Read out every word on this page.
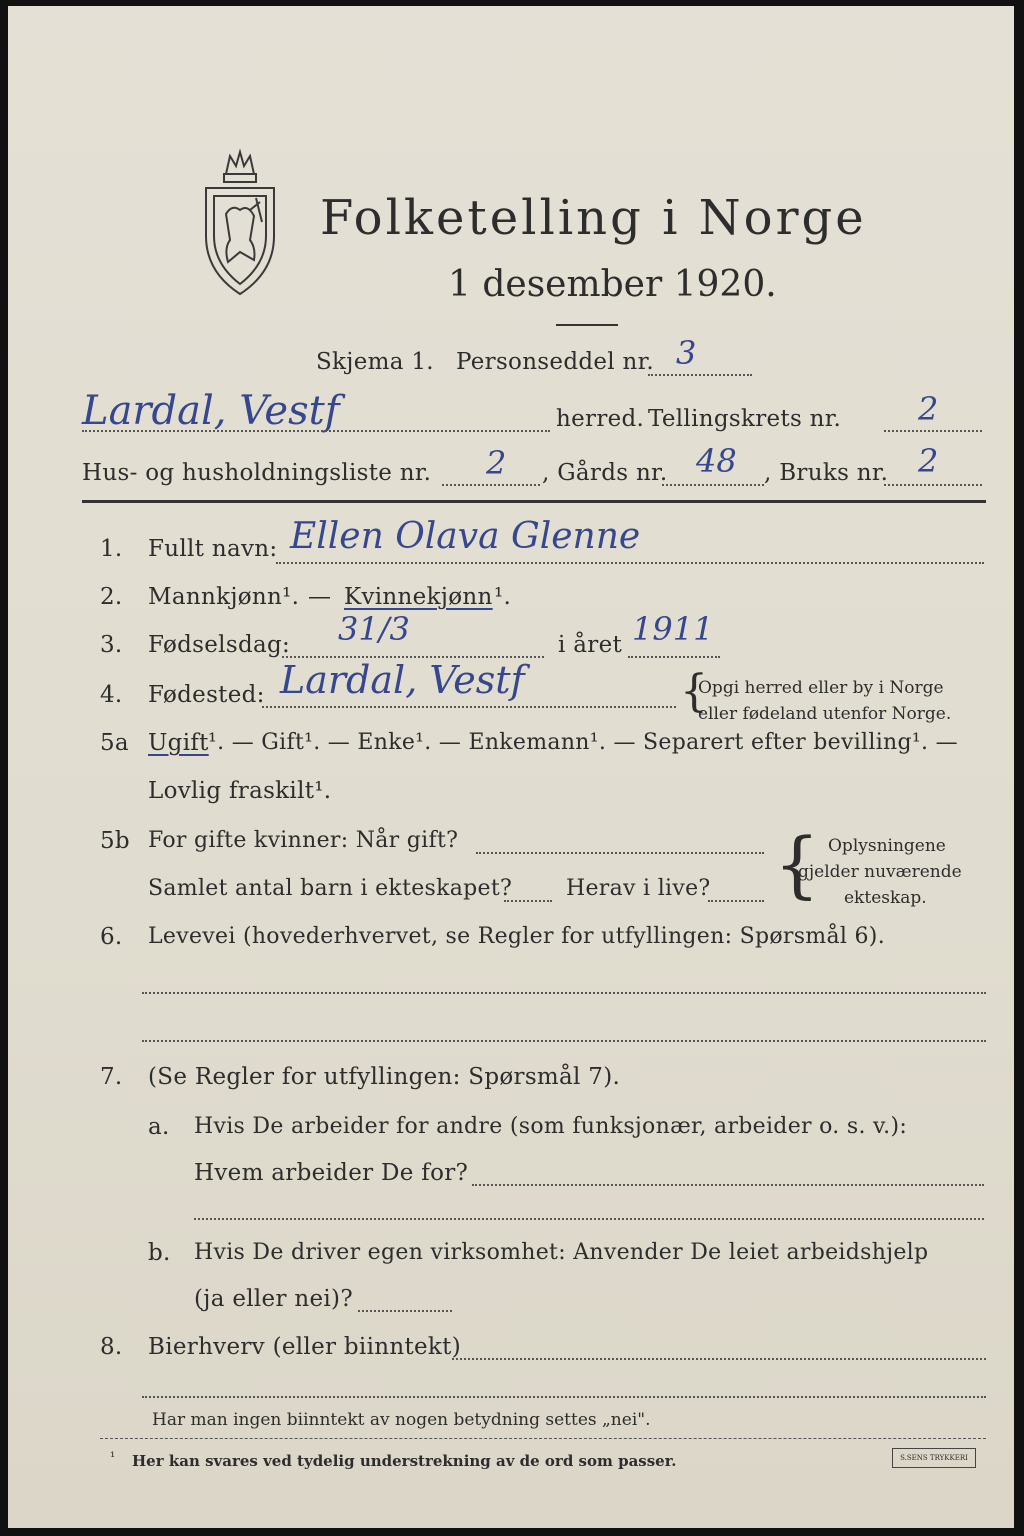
Folketelling i Norge
1 desember 1920.
Skjema 1. Personseddel nr. 3
Lardal, Vestf	herred. Tellingskrets nr. 2
Hus- og husholdningsliste nr. 2 , Gårds nr. 48 , Bruks nr. 2
1. Fullt navn: Ellen Olava Glenne
2. Mannkjønn¹. — Kvinnekjønn ¹.
3. Fødselsdag: 31/3	i året 1911
4. Fødested: Lardal, Vestf	{
Opgi herred eller by i Norge
eller fødeland utenfor Norge.
5a Ugift ¹. — Gift¹. — Enke¹. — Enkemann¹. — Separert efter bevilling¹. —
Lovlig fraskilt¹.
5b For gifte kvinner: Når gift?
Samlet antal barn i ekteskapet? Herav i live? { Oplysningene
gjelder nuværende
ekteskap.
6. Levevei (hovederhvervet, se Regler for utfyllingen: Spørsmål 6).
7. (Se Regler for utfyllingen: Spørsmål 7).
a. Hvis De arbeider for andre (som funksjonær, arbeider o. s. v.):
Hvem arbeider De for?
b. Hvis De driver egen virksomhet: Anvender De leiet arbeidshjelp
(ja eller nei)?
8. Bierhverv (eller biinntekt)
Har man ingen biinntekt av nogen betydning settes „nei".
¹ Her kan svares ved tydelig understrekning av de ord som passer.	S.SENS TRYKKERI
